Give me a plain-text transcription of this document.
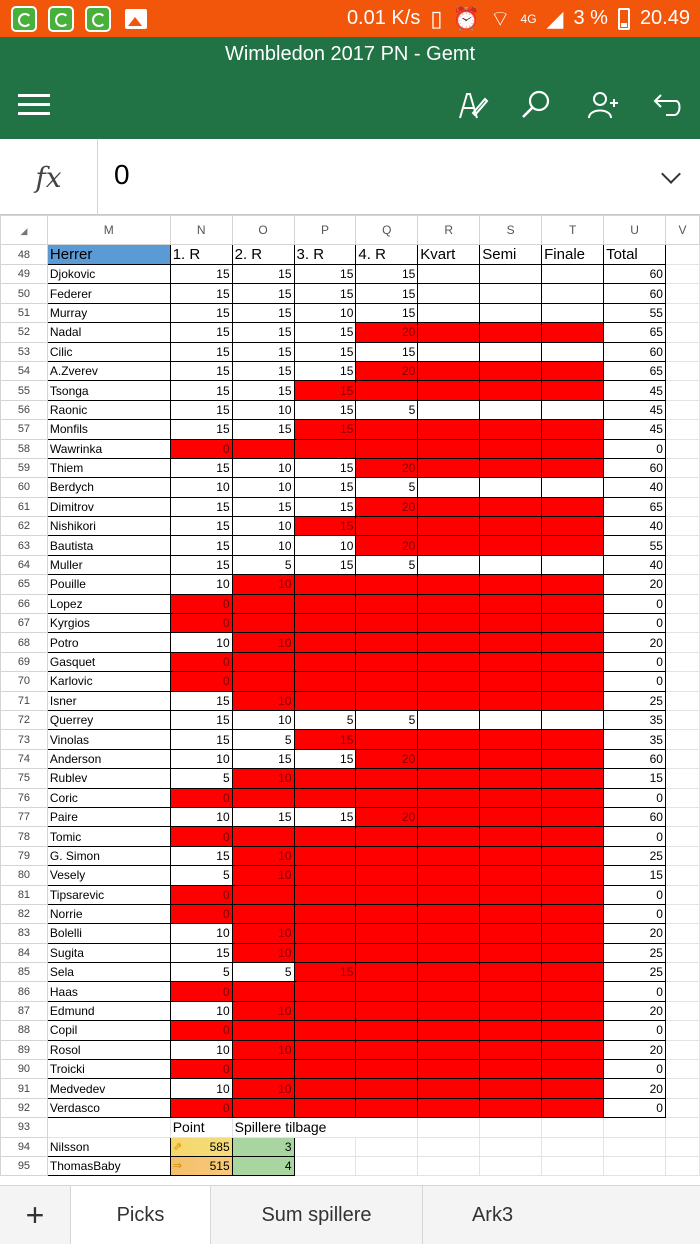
0.01 K/s ▯ ⏰ ⌔ 4G ◢ 3 % 20.49
Wimbledon 2017 PN - Gemt
fx	0
◢	M	N	O	P	Q	R	S	T	U	V
48	Herrer	1. R	2. R	3. R	4. R	Kvart	Semi	Finale	Total	
49	Djokovic	15	15	15	15				60	
50	Federer	15	15	15	15				60	
51	Murray	15	15	10	15				55	
52	Nadal	15	15	15	20				65	
53	Cilic	15	15	15	15				60	
54	A.Zverev	15	15	15	20				65	
55	Tsonga	15	15	15					45	
56	Raonic	15	10	15	5				45	
57	Monfils	15	15	15					45	
58	Wawrinka	0							0	
59	Thiem	15	10	15	20				60	
60	Berdych	10	10	15	5				40	
61	Dimitrov	15	15	15	20				65	
62	Nishikori	15	10	15					40	
63	Bautista	15	10	10	20				55	
64	Muller	15	5	15	5				40	
65	Pouille	10	10						20	
66	Lopez	0							0	
67	Kyrgios	0							0	
68	Potro	10	10						20	
69	Gasquet	0							0	
70	Karlovic	0							0	
71	Isner	15	10						25	
72	Querrey	15	10	5	5				35	
73	Vinolas	15	5	15					35	
74	Anderson	10	15	15	20				60	
75	Rublev	5	10						15	
76	Coric	0							0	
77	Paire	10	15	15	20				60	
78	Tomic	0							0	
79	G. Simon	15	10						25	
80	Vesely	5	10						15	
81	Tipsarevic	0							0	
82	Norrie	0							0	
83	Bolelli	10	10						20	
84	Sugita	15	10						25	
85	Sela	5	5	15					25	
86	Haas	0							0	
87	Edmund	10	10						20	
88	Copil	0							0	
89	Rosol	10	10						20	
90	Troicki	0							0	
91	Medvedev	10	10						20	
92	Verdasco	0							0	
93		Point	Spillere tilbage							
94	Nilsson	⇗ 585	3							
95	ThomasBaby	⇒ 515	4							
+	Picks	Sum spillere	Ark3
